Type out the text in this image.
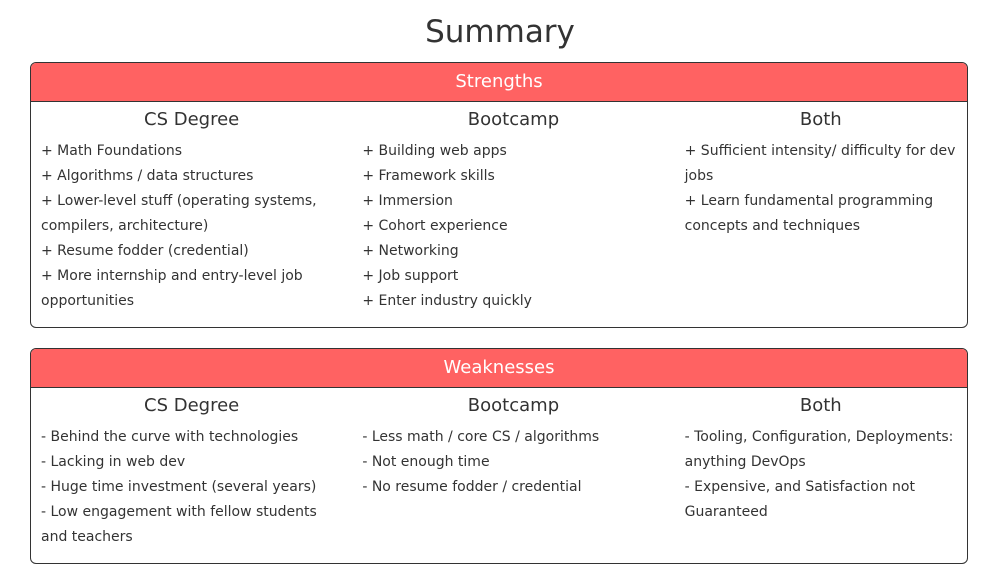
Summary
Strengths
CS Degree
+ Math Foundations
+ Algorithms / data structures
+ Lower-level stuff (operating systems, compilers, architecture)
+ Resume fodder (credential)
+ More internship and entry-level job opportunities
Bootcamp
+ Building web apps
+ Framework skills
+ Immersion
+ Cohort experience
+ Networking
+ Job support
+ Enter industry quickly
Both
+ Sufficient intensity/ difficulty for dev jobs
+ Learn fundamental programming concepts and techniques
Weaknesses
CS Degree
- Behind the curve with technologies
- Lacking in web dev
- Huge time investment (several years)
- Low engagement with fellow students and teachers
Bootcamp
- Less math / core CS / algorithms
- Not enough time
- No resume fodder / credential
Both
- Tooling, Configuration, Deployments: anything DevOps
- Expensive, and Satisfaction not Guaranteed
